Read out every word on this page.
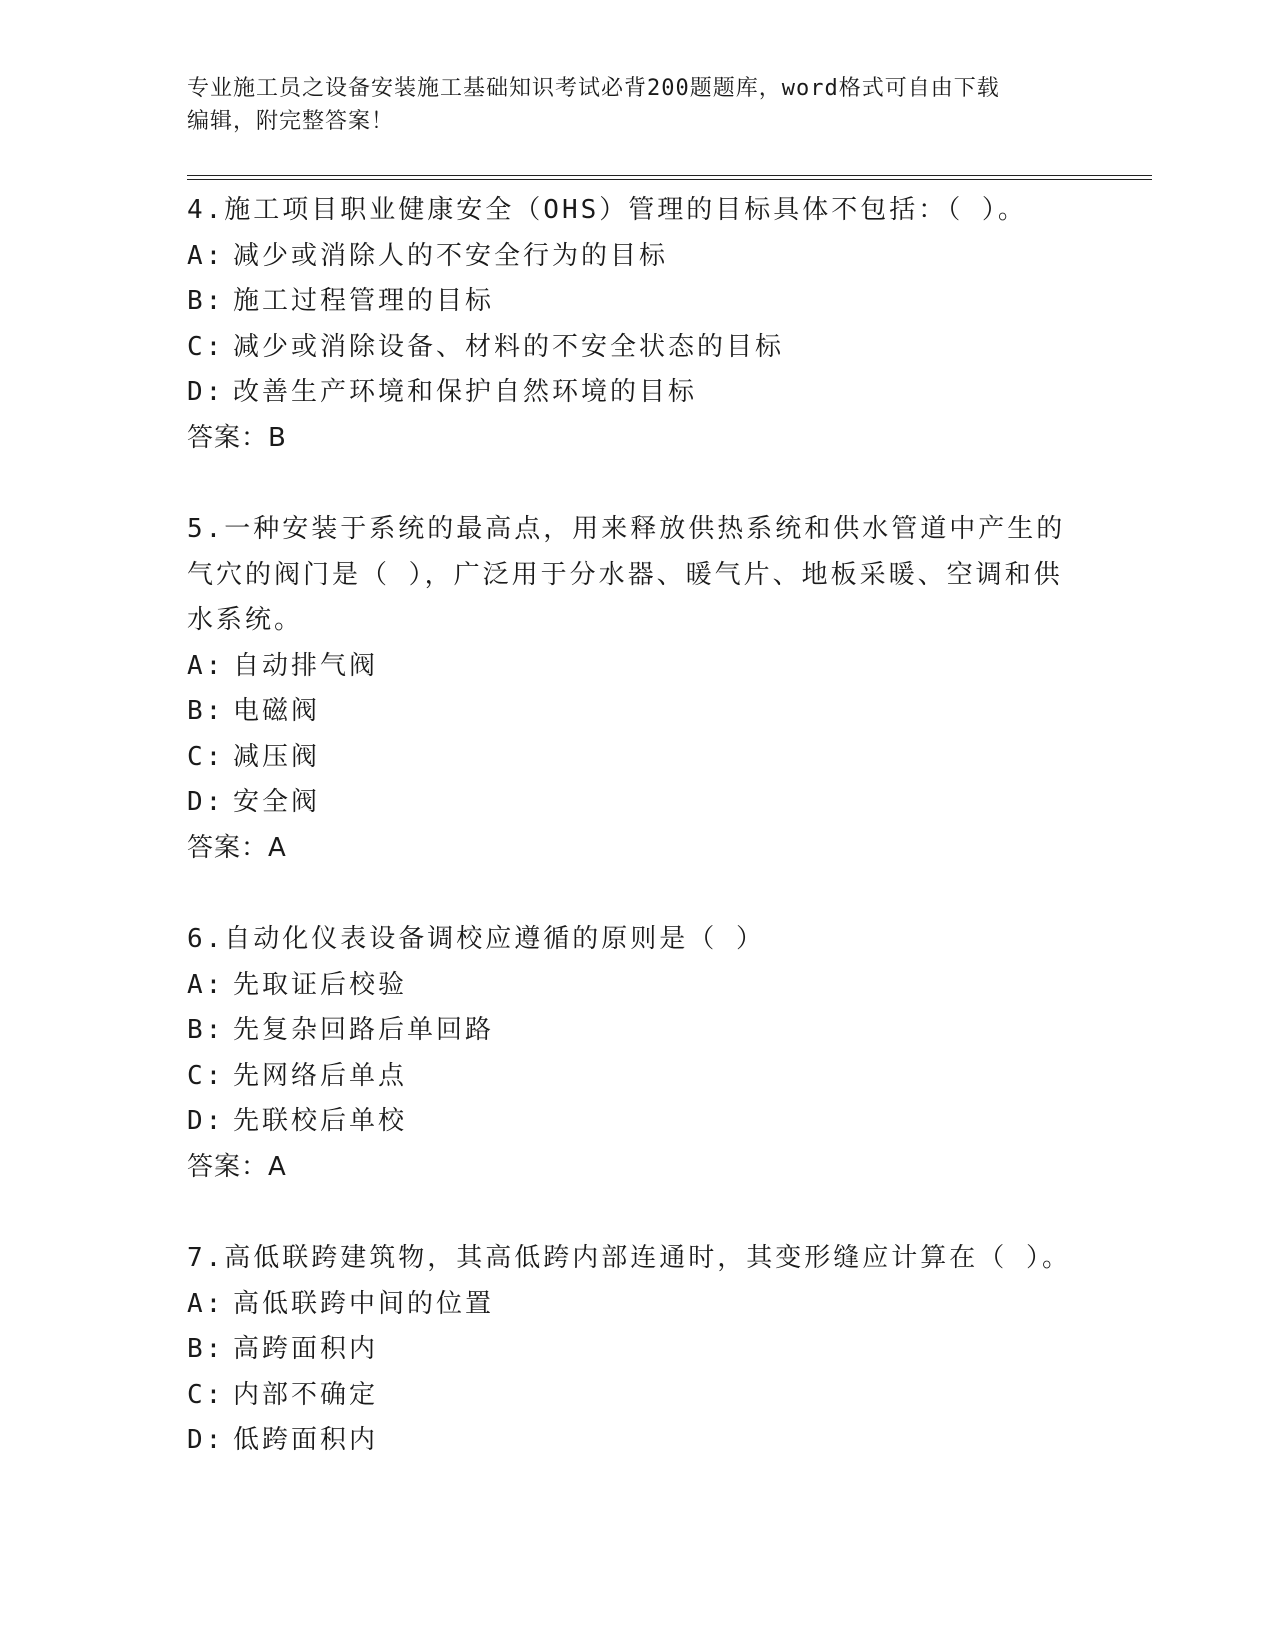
专业施工员之设备安装施工基础知识考试必背200题题库，word格式可自由下载
编辑，附完整答案！
4.施工项目职业健康安全（OHS）管理的目标具体不包括：（ ）。
A: 减少或消除人的不安全行为的目标
B: 施工过程管理的目标
C: 减少或消除设备、材料的不安全状态的目标
D: 改善生产环境和保护自然环境的目标
答案：B
5.一种安装于系统的最高点，用来释放供热系统和供水管道中产生的
气穴的阀门是（ ），广泛用于分水器、暖气片、地板采暖、空调和供
水系统。
A: 自动排气阀
B: 电磁阀
C: 减压阀
D: 安全阀
答案：A
6.自动化仪表设备调校应遵循的原则是（ ）
A: 先取证后校验
B: 先复杂回路后单回路
C: 先网络后单点
D: 先联校后单校
答案：A
7.高低联跨建筑物，其高低跨内部连通时，其变形缝应计算在（ ）。
A: 高低联跨中间的位置
B: 高跨面积内
C: 内部不确定
D: 低跨面积内
